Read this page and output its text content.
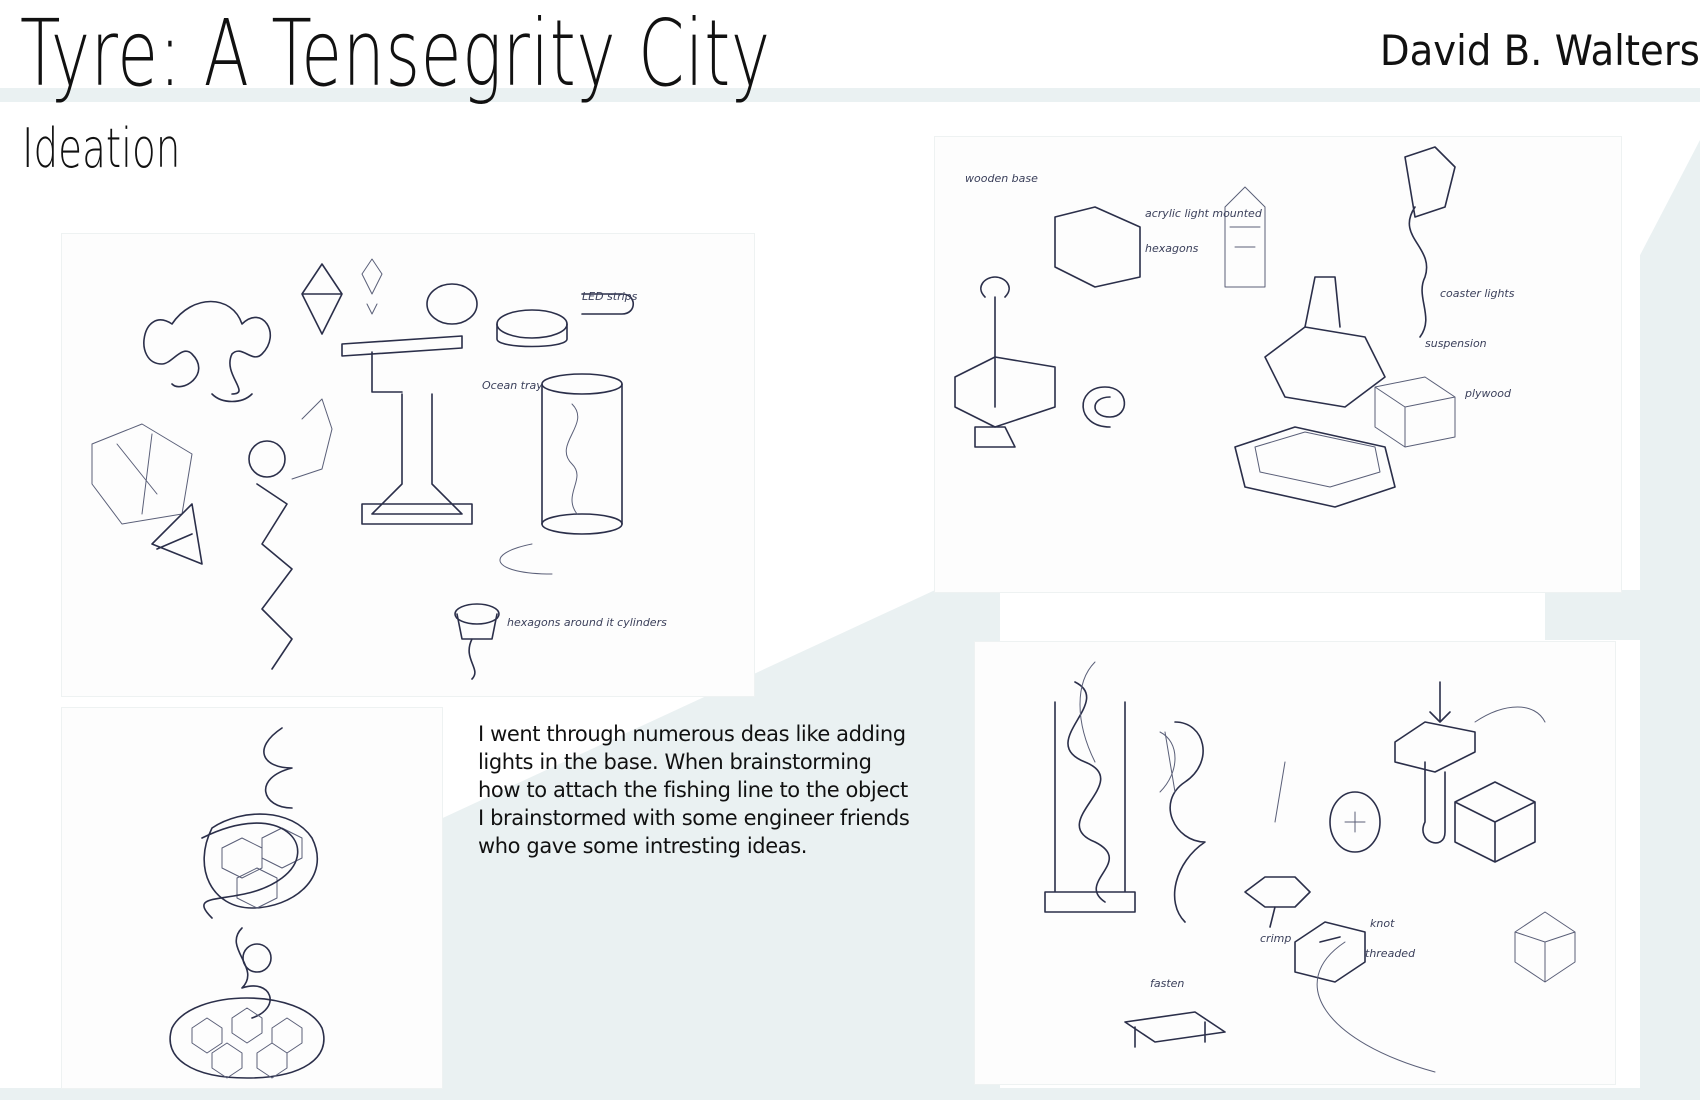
Tyre: A Tensegrity City
Ideation
David B. Walters
LED strips
Ocean tray
hexagons around it cylinders
wooden base
acrylic light mounted
hexagons
coaster lights
suspension
plywood
crimp
knot
threaded
fasten

I went through numerous deas like adding lights in the base. When brainstorming how to attach the fishing line to the object I brainstormed with some engineer friends who gave some intresting ideas.
